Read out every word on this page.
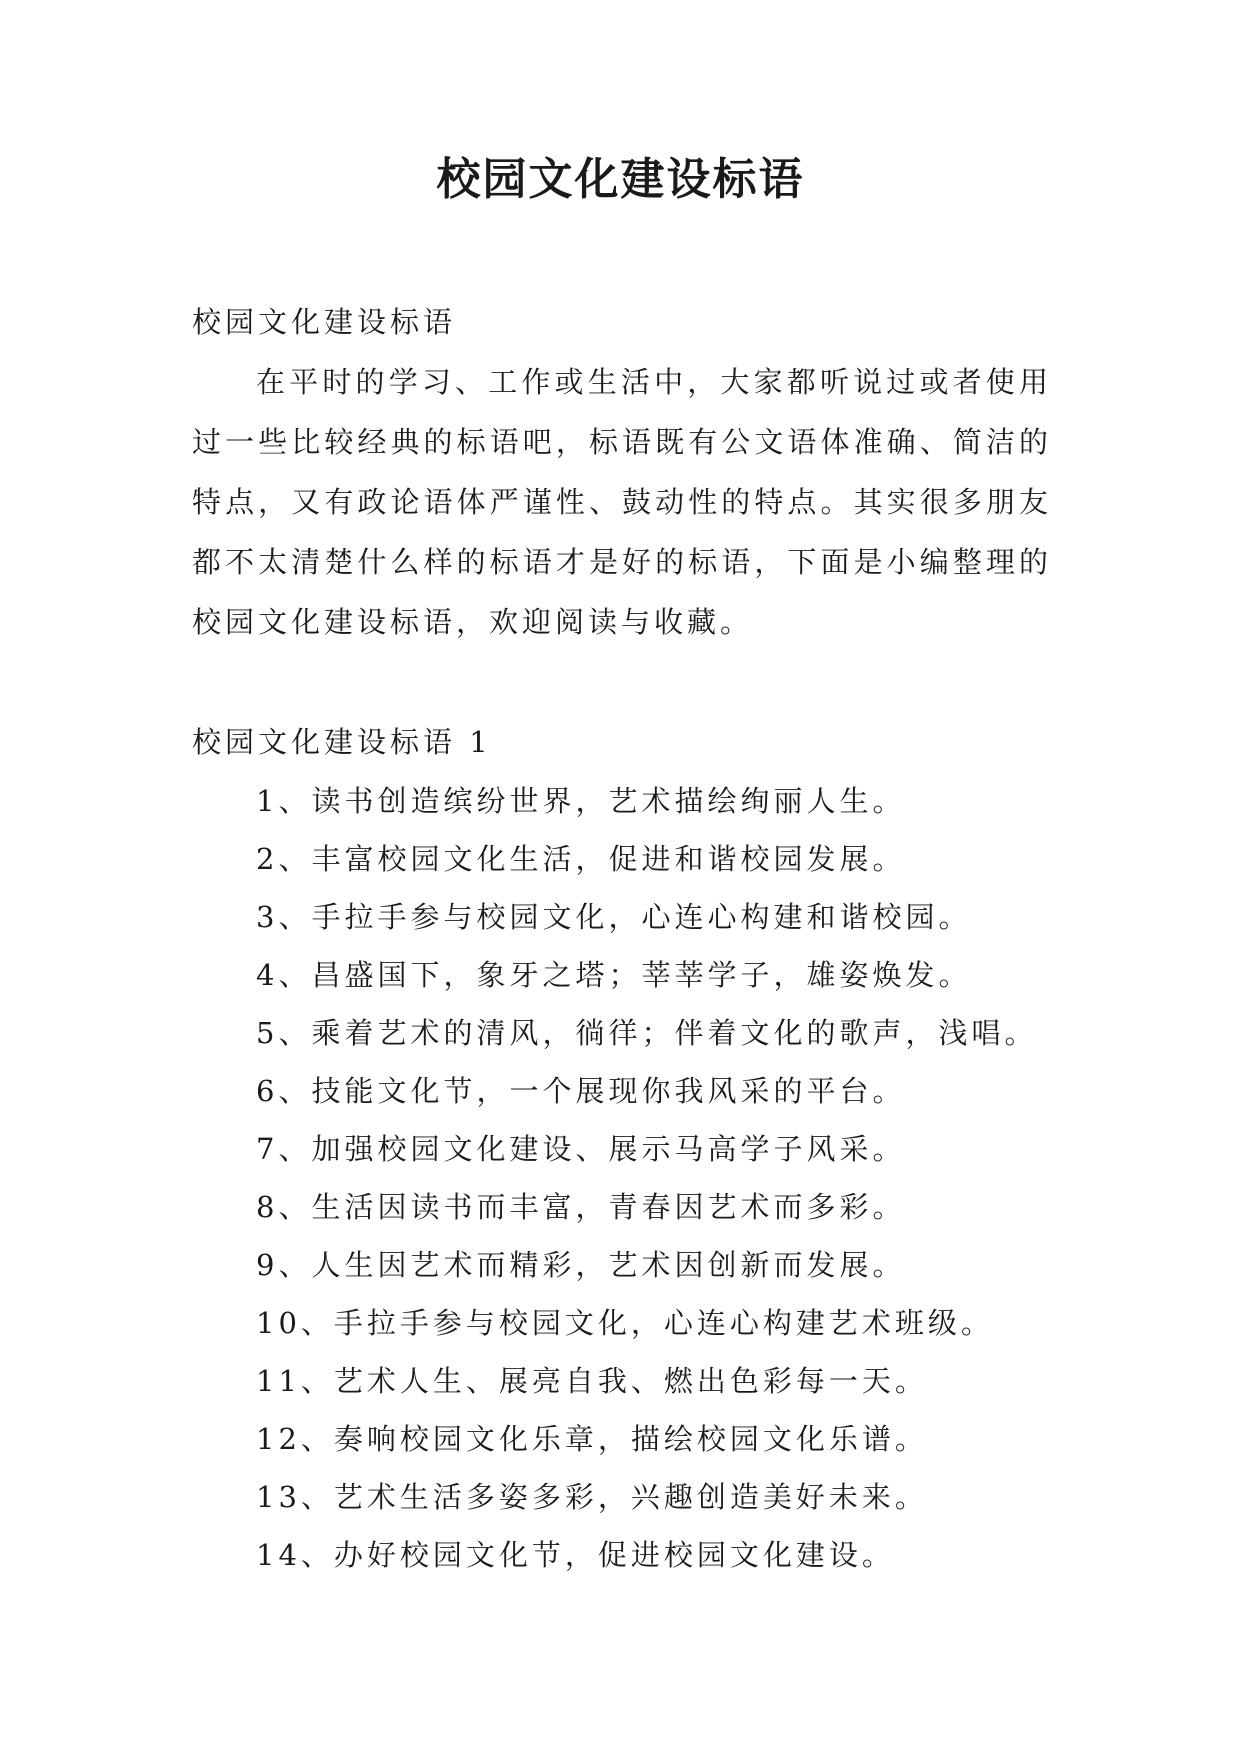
校园文化建设标语

校园文化建设标语

在平时的学习、工作或生活中，大家都听说过或者使用过一些比较经典的标语吧，标语既有公文语体准确、简洁的特点，又有政论语体严谨性、鼓动性的特点。其实很多朋友都不太清楚什么样的标语才是好的标语，下面是小编整理的校园文化建设标语，欢迎阅读与收藏。

校园文化建设标语 1

1、读书创造缤纷世界，艺术描绘绚丽人生。
2、丰富校园文化生活，促进和谐校园发展。
3、手拉手参与校园文化，心连心构建和谐校园。
4、昌盛国下，象牙之塔；莘莘学子，雄姿焕发。
5、乘着艺术的清风，徜徉；伴着文化的歌声，浅唱。
6、技能文化节，一个展现你我风采的平台。
7、加强校园文化建设、展示马高学子风采。
8、生活因读书而丰富，青春因艺术而多彩。
9、人生因艺术而精彩，艺术因创新而发展。
10、手拉手参与校园文化，心连心构建艺术班级。
11、艺术人生、展亮自我、燃出色彩每一天。
12、奏响校园文化乐章，描绘校园文化乐谱。
13、艺术生活多姿多彩，兴趣创造美好未来。
14、办好校园文化节，促进校园文化建设。
